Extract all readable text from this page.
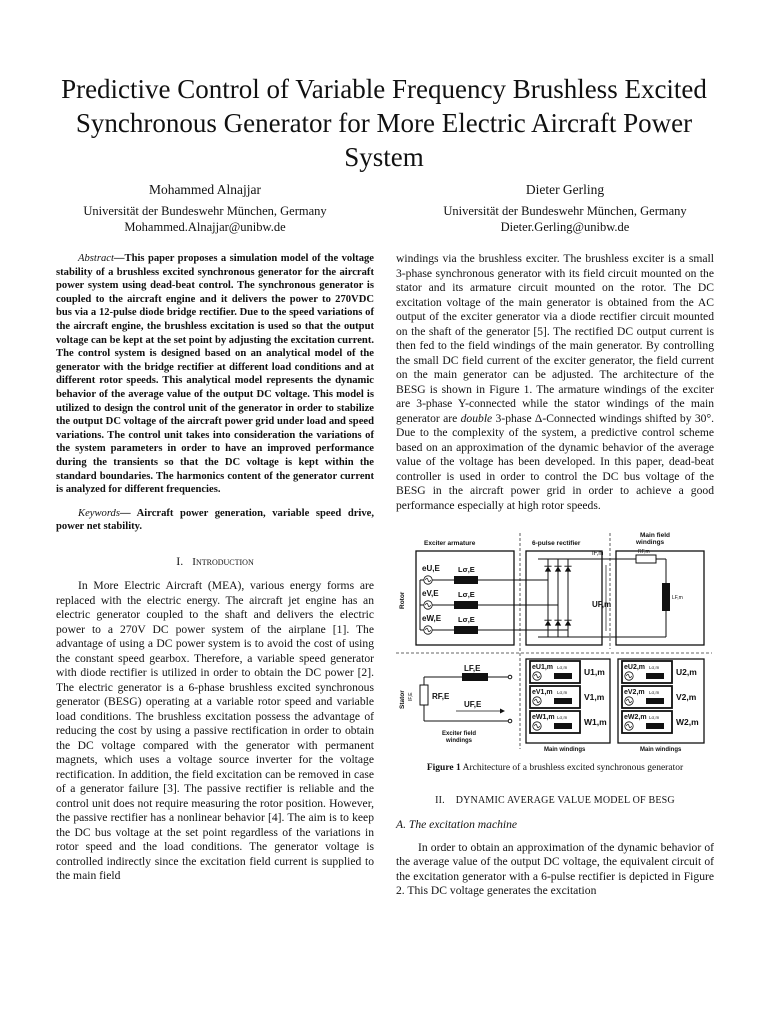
Predictive Control of Variable Frequency Brushless Excited Synchronous Generator for More Electric Aircraft Power System
Mohammed Alnajjar
Universität der Bundeswehr München, Germany
Mohammed.Alnajjar@unibw.de
Dieter Gerling
Universität der Bundeswehr München, Germany
Dieter.Gerling@unibw.de

Abstract—This paper proposes a simulation model of the voltage stability of a brushless excited synchronous generator for the aircraft power system using dead-beat control. The synchronous generator is coupled to the aircraft engine and it delivers the power to 270VDC bus via a 12-pulse diode bridge rectifier. Due to the speed variations of the aircraft engine, the brushless excitation is used so that the output voltage can be kept at the set point by adjusting the excitation current. The control system is designed based on an analytical model of the generator with the bridge rectifier at different load conditions and at different rotor speeds. This analytical model represents the dynamic behavior of the average value of the output DC voltage. This model is utilized to design the control unit of the generator in order to stabilize the output DC voltage of the aircraft power grid under load and speed variations. The control unit takes into consideration the variations of the system parameters in order to have an improved performance during the transients so that the DC voltage is kept within the standard boundaries. The harmonics content of the generator current is analyzed for different frequencies.

Keywords— Aircraft power generation, variable speed drive, power net stability.

I. Introduction

In More Electric Aircraft (MEA), various energy forms are replaced with the electric energy. The aircraft jet engine has an electric generator coupled to the shaft and delivers the electric power to a 270V DC power system of the airplane [1]. The advantage of using a DC power system is to avoid the cost of using the constant speed gearbox. Therefore, a variable speed generator with diode rectifier is utilized in order to obtain the DC power [2]. The electric generator is a 6-phase brushless excited synchronous generator (BESG) operating at a variable rotor speed and variable load conditions. The brushless excitation possess the advantage of reducing the cost by using a passive rectification in order to obtain the DC voltage compared with the generator with permanent magnets, which uses a voltage source inverter for the voltage rectification. In addition, the field excitation can be removed in case of a generator failure [3]. The passive rectifier is reliable and the control unit does not require measuring the rotor position. However, the passive rectifier has a nonlinear behavior [4]. The aim is to keep the DC bus voltage at the set point regardless of the variations in rotor speed and the load conditions. The generator voltage is controlled indirectly since the excitation field current is supplied to the main field

windings via the brushless exciter. The brushless exciter is a small 3-phase synchronous generator with its field circuit mounted on the stator and its armature circuit mounted on the rotor. The DC excitation voltage of the main generator is obtained from the AC output of the exciter generator via a diode rectifier circuit mounted on the shaft of the generator [5]. The rectified DC output current is then fed to the field windings of the main generator. By controlling the small DC field current of the exciter generator, the field current on the main generator can be adjusted. The architecture of the BESG is shown in Figure 1. The armature windings of the exciter are 3-phase Y-connected while the stator windings of the main generator are double 3-phase Δ-Connected windings shifted by 30°. Due to the complexity of the system, a predictive control scheme based on an approximation of the dynamic behavior of the average value of the voltage has been developed. In this paper, dead-beat controller is used in order to control the DC bus voltage of the BESG in the aircraft power grid in order to achieve a good performance especially at high rotor speeds.

Exciter armature	6-pulse rectifier
Main field
windings
Rotor
Stator
eU,E Lσ,E
eV,E	Lσ,E
eW,E Lσ,E
IF,m	RF,m
LF,m
UF,m
LF,E
RF,E
IF,E
UF,E
Exciter field
windings
eU1,m
eV1,m
eW1,m
Lσ,m
Lσ,m
Lσ,m
U1,m
V1,m
W1,m
Main windings
eU2,m
eV2,m
eW2,m
Lσ,m
Lσ,m
Lσ,m
U2,m
V2,m
W2,m
Main windings

Figure 1 Architecture of a brushless excited synchronous generator

II. DYNAMIC AVERAGE VALUE MODEL OF BESG

A. The excitation machine

In order to obtain an approximation of the dynamic behavior of the average value of the output DC voltage, the equivalent circuit of the excitation generator with a 6-pulse rectifier is depicted in Figure 2. This DC voltage generates the excitation
